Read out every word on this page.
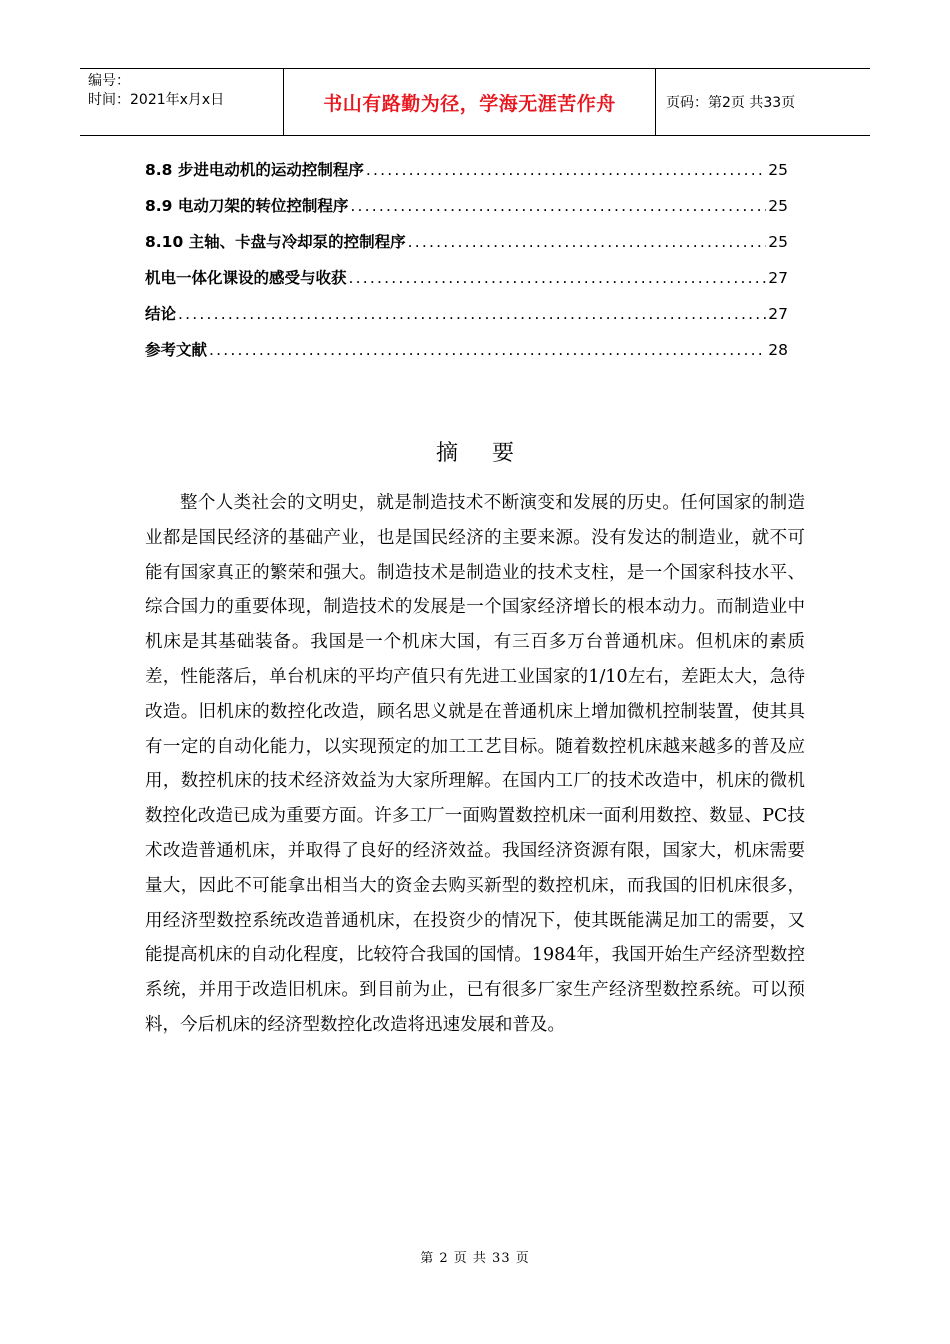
编号：
时间：2021年x月x日	书山有路勤为径，学海无涯苦作舟	页码：第2页 共33页
8.8 步进电动机的运动控制程序 .....	25
8.9 电动刀架的转位控制程序 .....	25
8.10 主轴、卡盘与冷却泵的控制程序 .....	25
机电一体化课设的感受与收获 .....	27
结论 .....	27
参考文献 .....	28
摘要

整个人类社会的文明史，就是制造技术不断演变和发展的历史。任何国家的制造业都是国民经济的基础产业，也是国民经济的主要来源。没有发达的制造业，就不可能有国家真正的繁荣和强大。制造技术是制造业的技术支柱，是一个国家科技水平、综合国力的重要体现，制造技术的发展是一个国家经济增长的根本动力。而制造业中机床是其基础装备。我国是一个机床大国，有三百多万台普通机床。但机床的素质差，性能落后，单台机床的平均产值只有先进工业国家的1/10左右，差距太大，急待改造。旧机床的数控化改造，顾名思义就是在普通机床上增加微机控制装置，使其具有一定的自动化能力，以实现预定的加工工艺目标。随着数控机床越来越多的普及应用，数控机床的技术经济效益为大家所理解。在国内工厂的技术改造中，机床的微机数控化改造已成为重要方面。许多工厂一面购置数控机床一面利用数控、数显、PC技术改造普通机床，并取得了良好的经济效益。我国经济资源有限，国家大，机床需要量大，因此不可能拿出相当大的资金去购买新型的数控机床，而我国的旧机床很多，用经济型数控系统改造普通机床，在投资少的情况下，使其既能满足加工的需要，又能提高机床的自动化程度，比较符合我国的国情。1984年，我国开始生产经济型数控系统，并用于改造旧机床。到目前为止，已有很多厂家生产经济型数控系统。可以预料，今后机床的经济型数控化改造将迅速发展和普及。

第 2 页 共 33 页
